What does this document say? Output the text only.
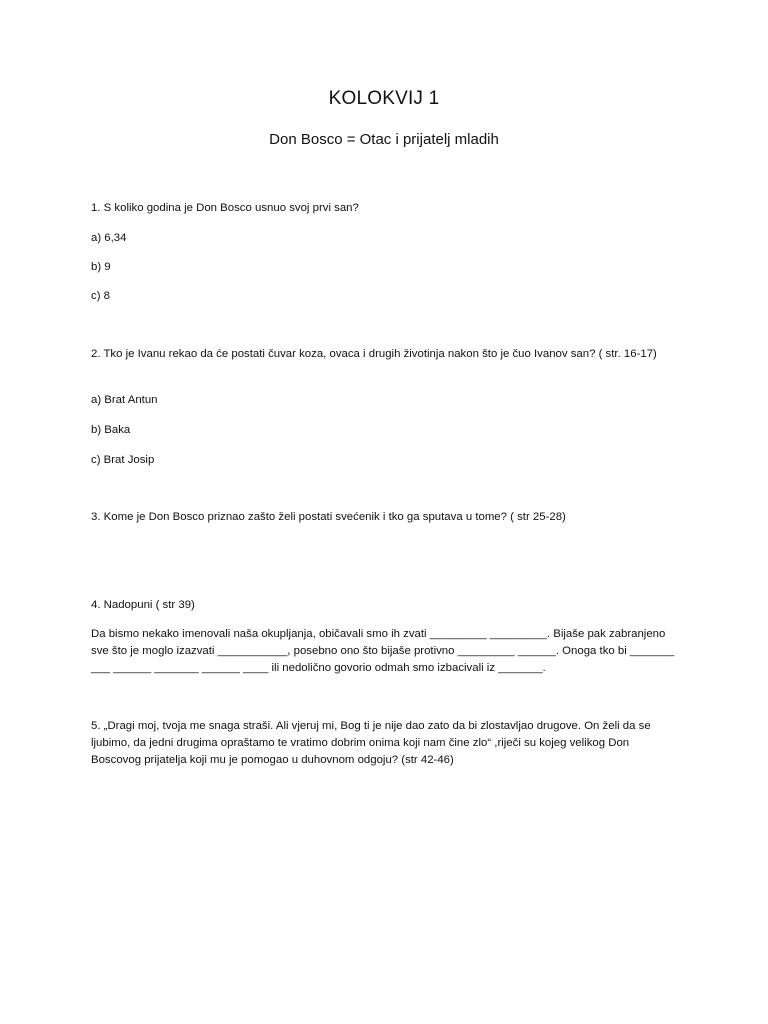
KOLOKVIJ 1
Don Bosco = Otac i prijatelj mladih
1. S koliko godina je Don Bosco usnuo svoj prvi san?
a) 6,34
b) 9
c) 8
2. Tko je Ivanu rekao da će postati čuvar koza, ovaca i drugih životinja nakon što je čuo Ivanov san? ( str. 16-17)
a) Brat Antun
b) Baka
c) Brat Josip
3. Kome je Don Bosco priznao zašto želi postati svećenik i tko ga sputava u tome? ( str 25-28)
4. Nadopuni ( str 39)
Da bismo nekako imenovali naša okupljanja, običavali smo ih zvati _________ _________. Bijaše pak zabranjeno sve što je moglo izazvati ___________, posebno ono što bijaše protivno _________ ______. Onoga tko bi _______ ___ ______ _______ ______ ____ ili nedolično govorio odmah smo izbacivali iz _______.
5. „Dragi moj, tvoja me snaga straši. Ali vjeruj mi, Bog ti je nije dao zato da bi zlostavljao drugove. On želi da se ljubimo, da jedni drugima opraštamo te vratimo dobrim onima koji nam čine zlo“ ,riječi su kojeg velikog Don Boscovog prijatelja koji mu je pomogao u duhovnom odgoju? (str 42-46)
